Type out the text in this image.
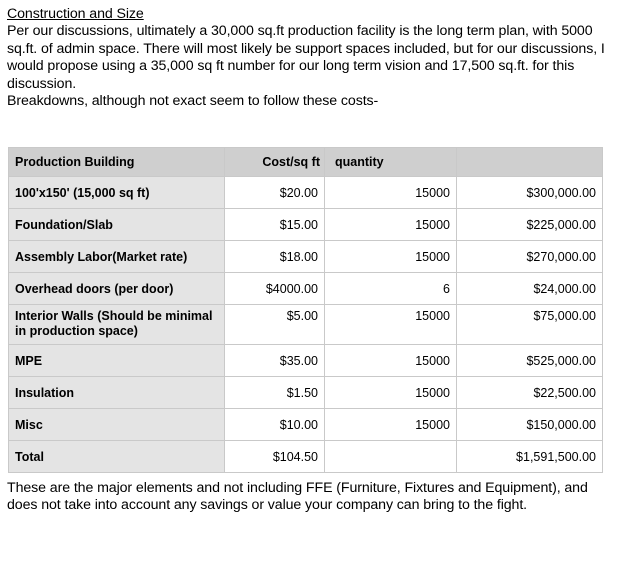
Construction and Size
Per our discussions, ultimately a 30,000 sq.ft production facility is the long term plan, with 5000 sq.ft. of admin space. There will most likely be support spaces included, but for our discussions, I would propose using a 35,000 sq ft number for our long term vision and 17,500 sq.ft. for this discussion.
Breakdowns, although not exact seem to follow these costs-
Production Building	Cost/sq ft	quantity	
100'x150' (15,000 sq ft)	$20.00	15000	$300,000.00
Foundation/Slab	$15.00	15000	$225,000.00
Assembly Labor(Market rate)	$18.00	15000	$270,000.00
Overhead doors (per door)	$4000.00	6	$24,000.00
Interior Walls (Should be minimal in production space)	$5.00	15000	$75,000.00
MPE	$35.00	15000	$525,000.00
Insulation	$1.50	15000	$22,500.00
Misc	$10.00	15000	$150,000.00
Total	$104.50		$1,591,500.00
These are the major elements and not including FFE (Furniture, Fixtures and Equipment), and does not take into account any savings or value your company can bring to the fight.
